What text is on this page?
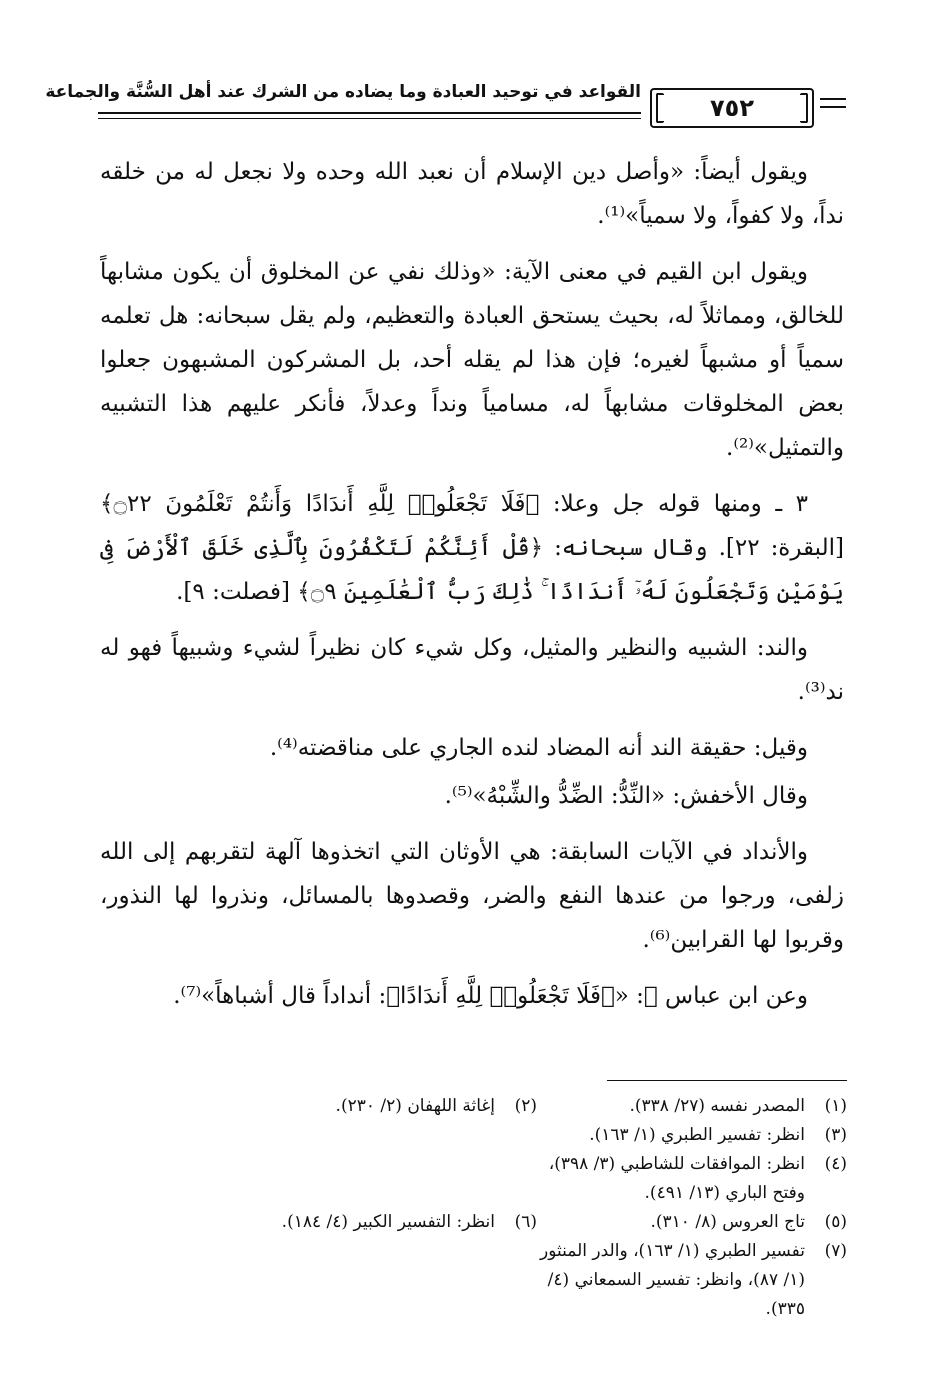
٧٥٢
القواعد في توحيد العبادة وما يضاده من الشرك عند أهل السُّنَّة والجماعة

ويقول أيضاً: «وأصل دين الإسلام أن نعبد الله وحده ولا نجعل له من خلقه نداً، ولا كفواً، ولا سمياً»⁽¹⁾.

ويقول ابن القيم في معنى الآية: «وذلك نفي عن المخلوق أن يكون مشابهاً للخالق، ومماثلاً له، بحيث يستحق العبادة والتعظيم، ولم يقل سبحانه: هل تعلمه سمياً أو مشبهاً لغيره؛ فإن هذا لم يقله أحد، بل المشركون المشبهون جعلوا بعض المخلوقات مشابهاً له، مسامياً ونداً وعدلاً، فأنكر عليهم هذا التشبيه والتمثيل»⁽²⁾.

٣ ـ ومنها قوله جل وعلا: ﴿فَلَا تَجْعَلُوا۟ لِلَّهِ أَندَادًا وَأَنتُمْ تَعْلَمُونَ ۝٢٢﴾ [البقرة: ٢٢]. وقال سبحانه: ﴿قُلْ أَئِنَّكُمْ لَتَكْفُرُونَ بِٱلَّذِى خَلَقَ ٱلْأَرْضَ فِى يَوْمَيْنِ وَتَجْعَلُونَ لَهُۥٓ أَندَادًا ۚ ذَٰلِكَ رَبُّ ٱلْعَٰلَمِينَ ۝٩﴾ [فصلت: ٩].

والند: الشبيه والنظير والمثيل، وكل شيء كان نظيراً لشيء وشبيهاً فهو له ند⁽³⁾.

وقيل: حقيقة الند أنه المضاد لنده الجاري على مناقضته⁽⁴⁾.

وقال الأخفش: «النِّدُّ: الضِّدُّ والشِّبْهُ»⁽⁵⁾.

والأنداد في الآيات السابقة: هي الأوثان التي اتخذوها آلهة لتقربهم إلى الله زلفى، ورجوا من عندها النفع والضر، وقصدوها بالمسائل، ونذروا لها النذور، وقربوا لها القرابين⁽⁶⁾.

وعن ابن عباس ﷺ: «﴿فَلَا تَجْعَلُوا۟ لِلَّهِ أَندَادًا﴾: أنداداً قال أشباهاً»⁽⁷⁾.

(١)
المصدر نفسه (٢٧/ ٣٣٨).
(٢)
إغاثة اللهفان (٢/ ٢٣٠).
(٣)
انظر: تفسير الطبري (١/ ١٦٣).
(٤)
انظر: الموافقات للشاطبي (٣/ ٣٩٨)، وفتح الباري (١٣/ ٤٩١).
(٥)
تاج العروس (٨/ ٣١٠).
(٦)
انظر: التفسير الكبير (٤/ ١٨٤).
(٧)
تفسير الطبري (١/ ١٦٣)، والدر المنثور (١/ ٨٧)، وانظر: تفسير السمعاني (٤/ ٣٣٥).
